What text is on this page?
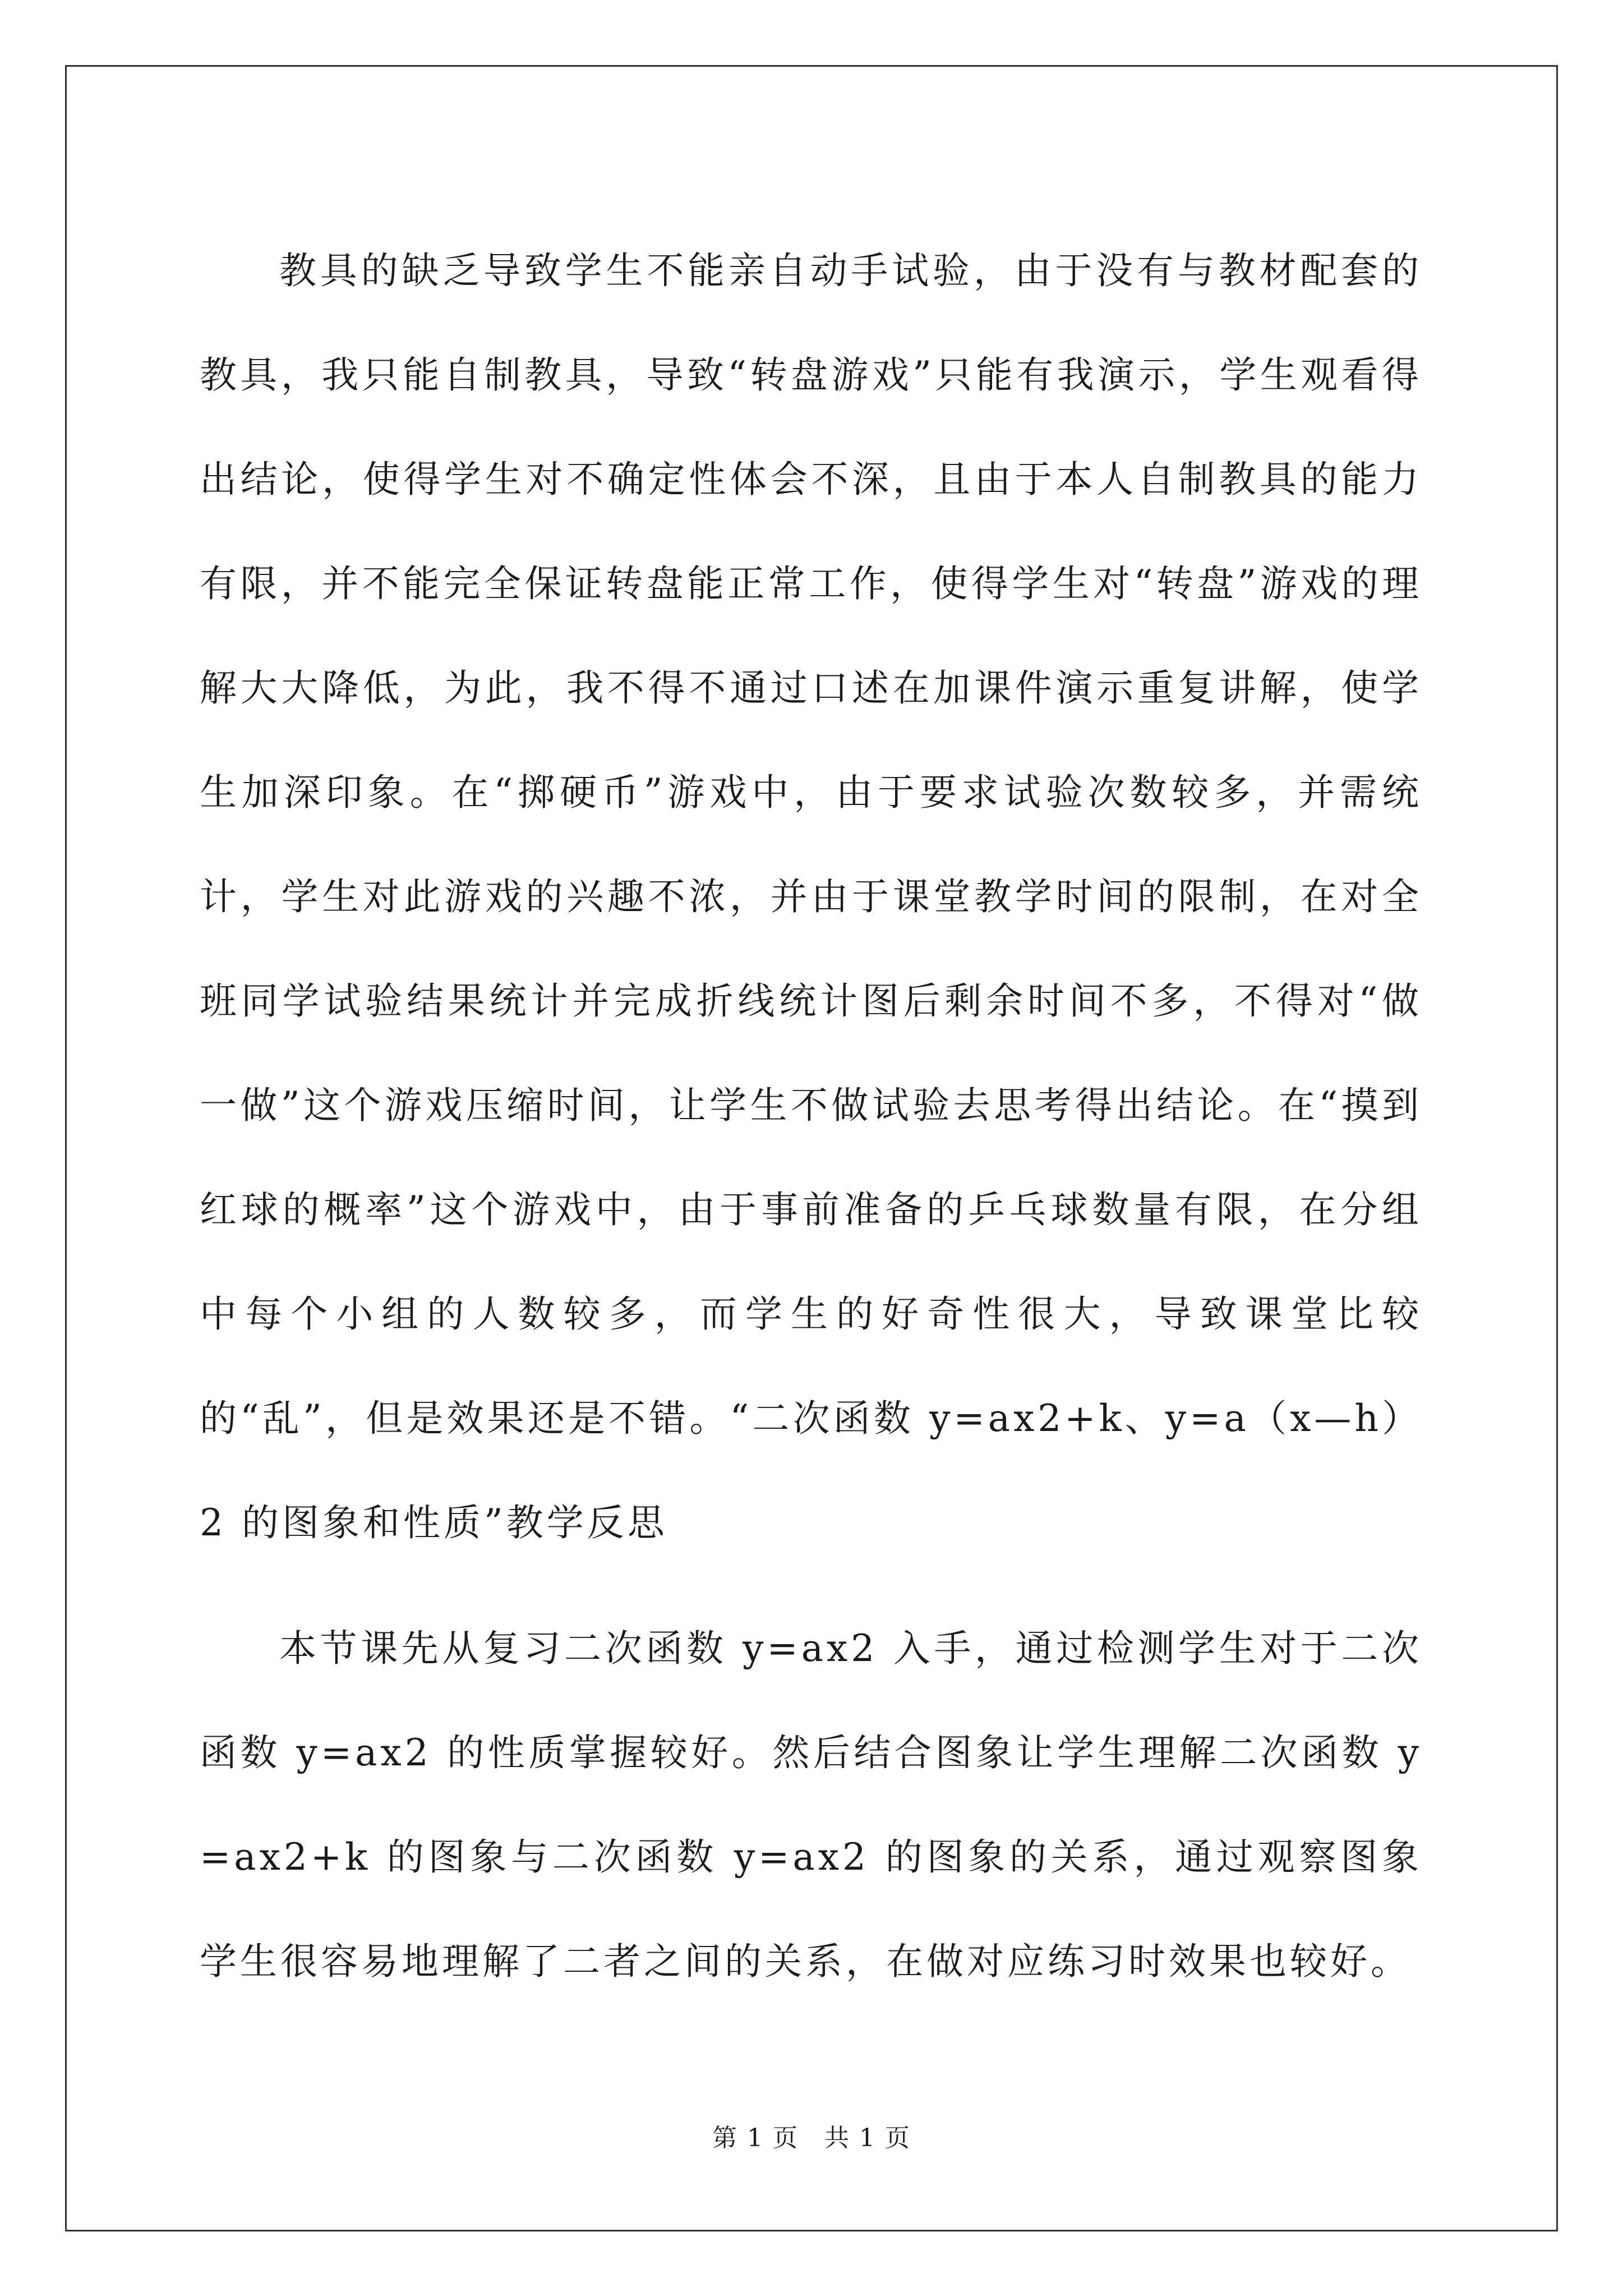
教具的缺乏导致学生不能亲自动手试验，由于没有与教材配套的教具，我只能自制教具，导致“转盘游戏”只能有我演示，学生观看得出结论，使得学生对不确定性体会不深，且由于本人自制教具的能力有限，并不能完全保证转盘能正常工作，使得学生对“转盘”游戏的理解大大降低，为此，我不得不通过口述在加课件演示重复讲解，使学生加深印象。在“掷硬币”游戏中，由于要求试验次数较多，并需统计，学生对此游戏的兴趣不浓，并由于课堂教学时间的限制，在对全班同学试验结果统计并完成折线统计图后剩余时间不多，不得对“做一做”这个游戏压缩时间，让学生不做试验去思考得出结论。在“摸到红球的概率”这个游戏中，由于事前准备的乒乓球数量有限，在分组中每个小组的人数较多，而学生的好奇性很大，导致课堂比较的“乱”，但是效果还是不错。“二次函数 y=ax2+k、y=a（x—h）2 的图象和性质”教学反思

本节课先从复习二次函数 y=ax2 入手，通过检测学生对于二次函数 y=ax2 的性质掌握较好。然后结合图象让学生理解二次函数 y=ax2+k 的图象与二次函数 y=ax2 的图象的关系，通过观察图象学生很容易地理解了二者之间的关系，在做对应练习时效果也较好。

第 1 页　共 1 页
